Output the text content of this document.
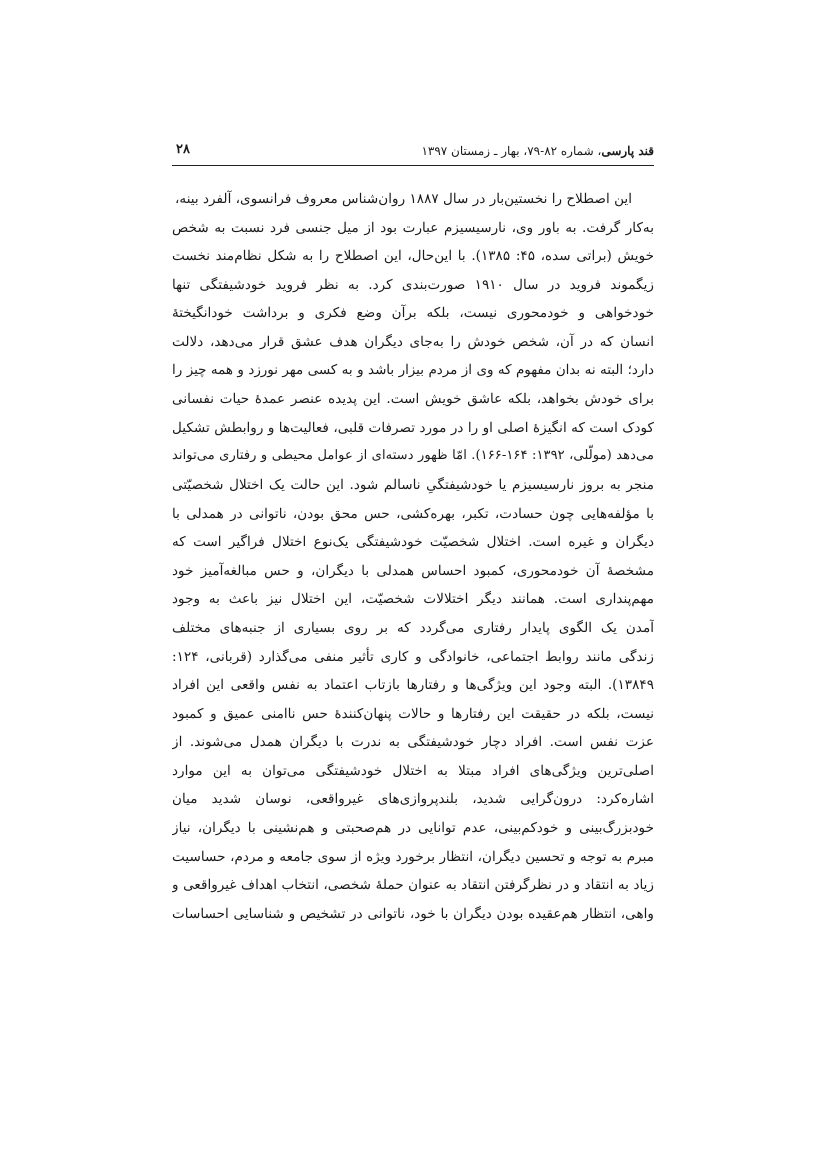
قند پارسی، شماره ۸۲-۷۹، بهار ـ زمستان ۱۳۹۷
۲۸
این اصطلاح را نخستین‌بار در سال ۱۸۸۷ روان‌شناس معروف فرانسوی، آلفرد بینه،
به‌کار گرفت. به باور وی، نارسیسیزم عبارت بود از میل جنسی فرد نسبت به شخص
خویش (براتی سده، ۴۵: ۱۳۸۵). با این‌حال، این اصطلاح را به شکل نظام‌مند نخست
زیگموند فروید در سال ۱۹۱۰ صورت‌بندی کرد. به نظر فروید خودشیفتگی تنها
خودخواهی و خودمحوری نیست، بلکه برآن وضع فکری و برداشت خودانگیختهٔ
انسان که در آن، شخص خودش را به‌جای دیگران هدف عشق قرار می‌دهد، دلالت
دارد؛ البته نه بدان مفهوم که وی از مردم بیزار باشد و به کسی مهر نورزد و همه چیز را
برای خودش بخواهد، بلکه عاشق خویش است. این پدیده عنصر عمدهٔ حیات نفسانی
کودک است که انگیزهٔ اصلی او را در مورد تصرفات قلبی، فعالیت‌ها و روابطش تشکیل
می‌دهد (مولّلی، ۱۳۹۲: ۱۶۴-۱۶۶). امّا ظهور دسته‌ای از عوامل محیطی و رفتاری می‌تواند
منجر به بروز نارسیسیزم یا خودشیفتگیِ ناسالم شود. این حالت یک اختلال شخصیّتی
با مؤلفه‌هایی چون حسادت، تکبر، بهره‌کشی، حس محق بودن، ناتوانی در همدلی با
دیگران و غیره است. اختلال شخصیّت خودشیفتگی یک‌نوع اختلال فراگیر است که
مشخصهٔ آن خودمحوری، کمبود احساس همدلی با دیگران، و حس مبالغه‌آمیز خود
مهم‌پنداری است. همانند دیگر اختلالات شخصیّت، این اختلال نیز باعث به وجود
آمدن یک الگوی پایدار رفتاری می‌گردد که بر روی بسیاری از جنبه‌های مختلف
زندگی مانند روابط اجتماعی، خانوادگی و کاری تأثیر منفی می‌گذارد (قربانی، ۱۲۴:
۱۳۸۴۹). البته وجود این ویژگی‌ها و رفتارها بازتاب اعتماد به نفس واقعی این افراد
نیست، بلکه در حقیقت این رفتارها و حالات پنهان‌کنندهٔ حس ناامنی عمیق و کمبود
عزت نفس است. افراد دچار خودشیفتگی به ندرت با دیگران همدل می‌شوند. از
اصلی‌ترین ویژگی‌های افراد مبتلا به اختلال خودشیفتگی می‌توان به این موارد
اشاره‌کرد: درون‌گرایی شدید، بلندپروازی‌های غیرواقعی، نوسان شدید میان
خودبزرگ‌بینی و خودکم‌بینی، عدم توانایی در هم‌صحبتی و هم‌نشینی با دیگران، نیاز
مبرم به توجه و تحسین دیگران، انتظار برخورد ویژه از سوی جامعه و مردم، حساسیت
زیاد به انتقاد و در نظرگرفتن انتقاد به عنوان حملهٔ شخصی، انتخاب اهداف غیرواقعی و
واهی، انتظار هم‌عقیده بودن دیگران با خود، ناتوانی در تشخیص و شناسایی احساسات
